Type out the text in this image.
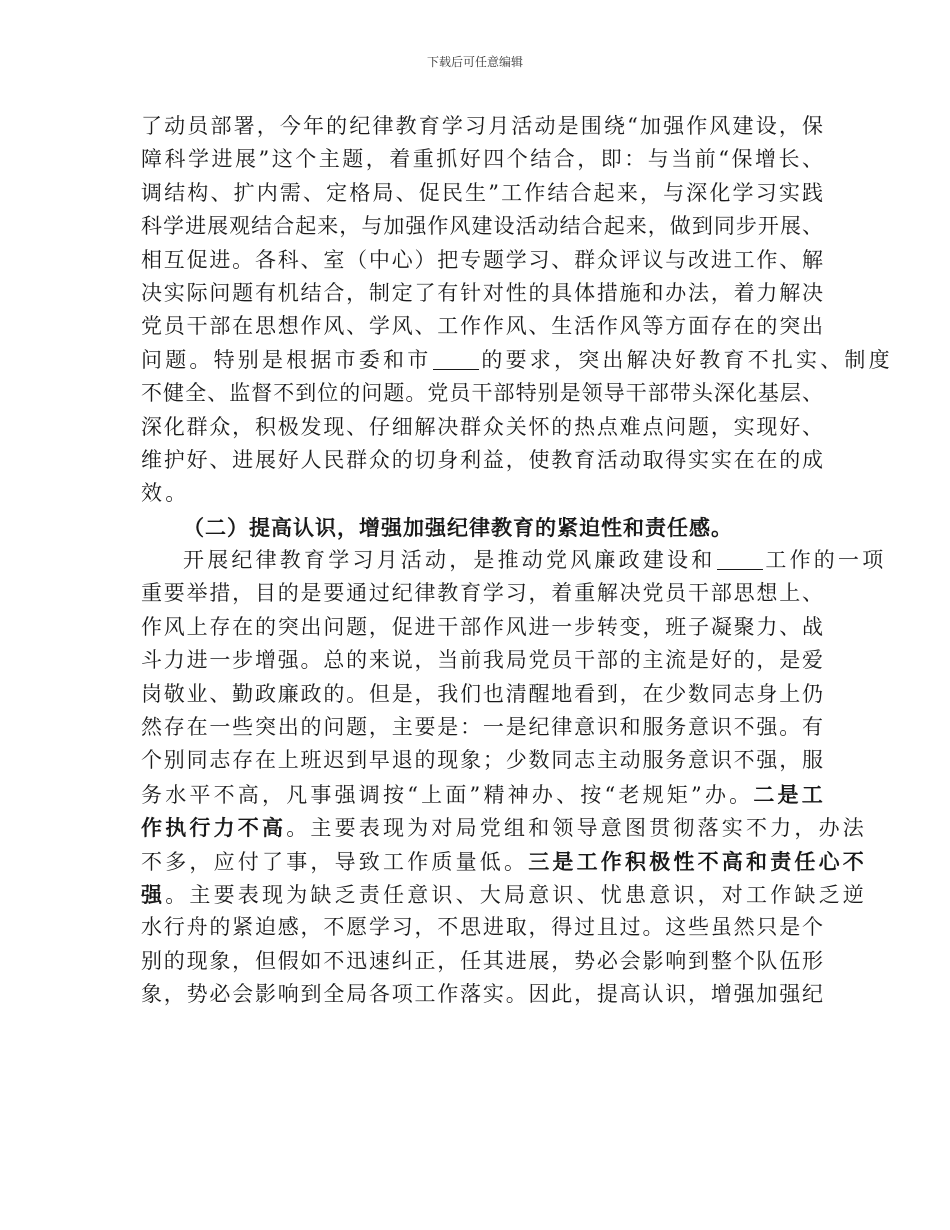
下载后可任意编辑
了动员部署，今年的纪律教育学习月活动是围绕“加强作风建设，保
障科学进展”这个主题，着重抓好四个结合，即：与当前“保增长、
调结构、扩内需、定格局、促民生”工作结合起来，与深化学习实践
科学进展观结合起来，与加强作风建设活动结合起来，做到同步开展、
相互促进。各科、室（中心）把专题学习、群众评议与改进工作、解
决实际问题有机结合，制定了有针对性的具体措施和办法，着力解决
党员干部在思想作风、学风、工作作风、生活作风等方面存在的突出
问题。特别是根据市委和市 的要求，突出解决好教育不扎实、制度
不健全、监督不到位的问题。党员干部特别是领导干部带头深化基层、
深化群众，积极发现、仔细解决群众关怀的热点难点问题，实现好、
维护好、进展好人民群众的切身利益，使教育活动取得实实在在的成
效。
（二）提高认识，增强加强纪律教育的紧迫性和责任感。
开展纪律教育学习月活动，是推动党风廉政建设和 工作的一项
重要举措，目的是要通过纪律教育学习，着重解决党员干部思想上、
作风上存在的突出问题，促进干部作风进一步转变，班子凝聚力、战
斗力进一步增强。总的来说，当前我局党员干部的主流是好的，是爱
岗敬业、勤政廉政的。但是，我们也清醒地看到，在少数同志身上仍
然存在一些突出的问题，主要是：一是纪律意识和服务意识不强。有
个别同志存在上班迟到早退的现象；少数同志主动服务意识不强，服
务水平不高，凡事强调按“上面”精神办、按“老规矩”办。二是工
作执行力不高。主要表现为对局党组和领导意图贯彻落实不力，办法
不多，应付了事，导致工作质量低。三是工作积极性不高和责任心不
强。主要表现为缺乏责任意识、大局意识、忧患意识，对工作缺乏逆
水行舟的紧迫感，不愿学习，不思进取，得过且过。这些虽然只是个
别的现象，但假如不迅速纠正，任其进展，势必会影响到整个队伍形
象，势必会影响到全局各项工作落实。因此，提高认识，增强加强纪
